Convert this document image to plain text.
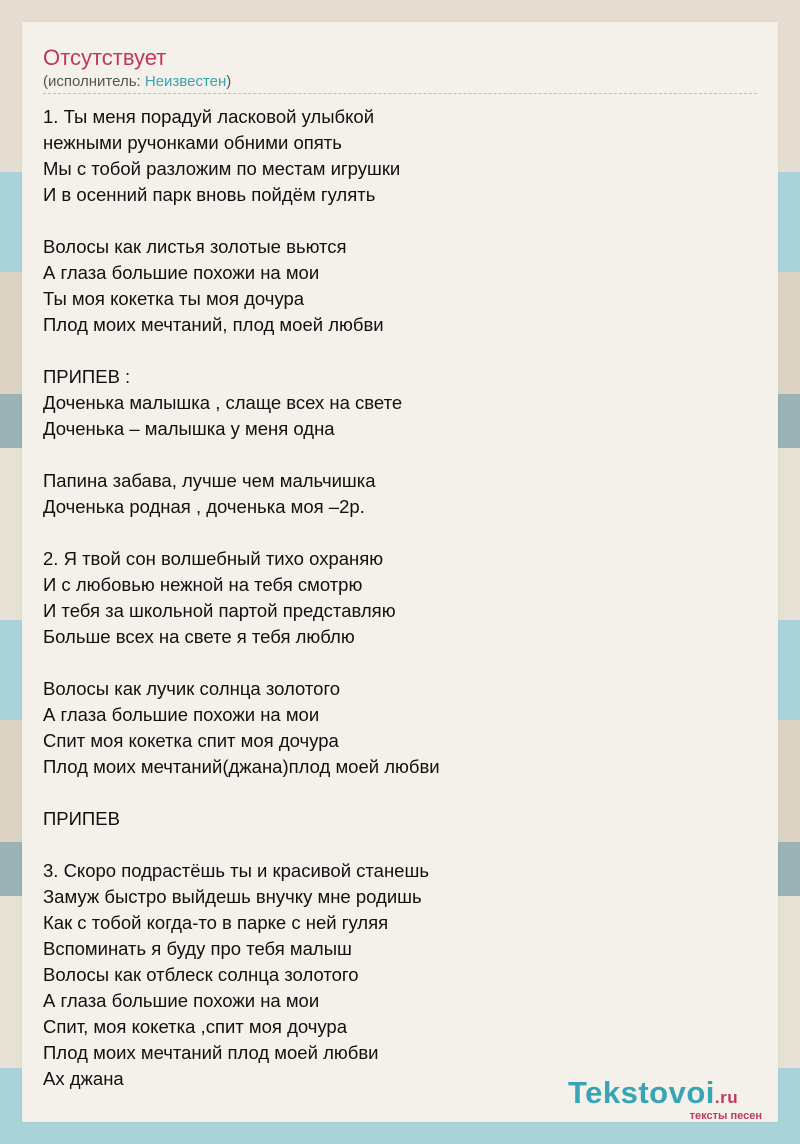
Отсутствует
(исполнитель: Неизвестен)
1. Ты меня порадуй ласковой улыбкой
нежными ручонками обними опять
Мы с тобой разложим по местам игрушки
И в осенний парк вновь пойдём гулять
Волосы как листья золотые вьются
А глаза большие похожи на мои
Ты моя кокетка ты моя дочура
Плод моих мечтаний, плод моей любви
ПРИПЕВ :
Доченька малышка , слаще всех на свете
Доченька – малышка у меня одна
Папина забава, лучше чем мальчишка
Доченька родная , доченька моя –2р.
2. Я твой сон волшебный тихо охраняю
И с любовью нежной на тебя смотрю
И тебя за школьной партой представляю
Больше всех на свете я тебя люблю
Волосы как лучик солнца золотого
А глаза большие похожи на мои
Спит моя кокетка спит моя дочура
Плод моих мечтаний(джана)плод моей любви
ПРИПЕВ
3. Скоро подрастёшь ты и красивой станешь
Замуж быстро выйдешь внучку мне родишь
Как с тобой когда-то в парке с ней гуляя
Вспоминать я буду про тебя малыш
Волосы как отблеск солнца золотого
А глаза большие похожи на мои
Спит, моя кокетка ,спит моя дочура
Плод моих мечтаний плод моей любви
Ах джана	Tekstovoi.ru
тексты песен
